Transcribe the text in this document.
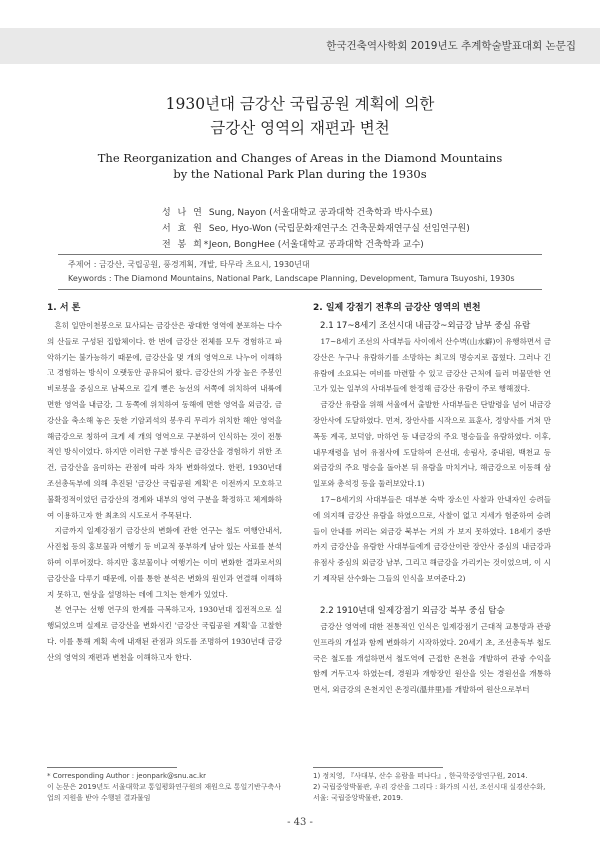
한국건축역사학회 2019년도 추계학술발표대회 논문집
1930년대 금강산 국립공원 계획에 의한
금강산 영역의 재편과 변천
The Reorganization and Changes of Areas in the Diamond Mountains
by the National Park Plan during the 1930s
성 나 연 Sung, Nayon (서울대학교 공과대학 건축학과 박사수료)
서 효 원 Seo, Hyo-Won (국립문화재연구소 건축문화재연구실 선임연구원)
전 봉 희* Jeon, BongHee (서울대학교 공과대학 건축학과 교수)
주제어 : 금강산, 국립공원, 풍경계획, 개발, 타무라 츠요시, 1930년대
Keywords : The Diamond Mountains, National Park, Landscape Planning, Development, Tamura Tsuyoshi, 1930s
1. 서 론

흔히 일만이천봉으로 묘사되는 금강산은 광대한 영역에 분포하는 다수의 산들로 구성된 집합체이다. 한 번에 금강산 전체를 모두 경험하고 파악하기는 불가능하기 때문에, 금강산을 몇 개의 영역으로 나누어 이해하고 경험하는 방식이 오랫동안 공유되어 왔다. 금강산의 가장 높은 주봉인 비로봉을 중심으로 남북으로 길게 뻗은 능선의 서쪽에 위치하여 내륙에 면한 영역을 내금강, 그 동쪽에 위치하여 동해에 면한 영역을 외금강, 금강산을 축소해 놓은 듯한 기암괴석의 봉우리 무리가 위치한 해안 영역을 해금강으로 칭하여 크게 세 개의 영역으로 구분하여 인식하는 것이 전통적인 방식이었다. 하지만 이러한 구분 방식은 금강산을 경험하기 위한 조건, 금강산을 음미하는 관점에 따라 차차 변화하였다. 한편, 1930년대 조선총독부에 의해 추진된 '금강산 국립공원 계획'은 이전까지 모호하고 불확정적이었던 금강산의 경계와 내부의 영역 구분을 확정하고 체계화하여 이용하고자 한 최초의 시도로서 주목된다.

지금까지 일제강점기 금강산의 변화에 관한 연구는 철도 여행안내서, 사진첩 등의 홍보물과 여행기 등 비교적 풍부하게 남아 있는 사료를 분석하여 이루어졌다. 하지만 홍보물이나 여행기는 이미 변화한 결과로서의 금강산을 다루기 때문에, 이를 통한 분석은 변화의 원인과 연결해 이해하지 못하고, 현상을 설명하는 데에 그치는 한계가 있었다.

본 연구는 선행 연구의 한계를 극복하고자, 1930년대 집전적으로 실행되었으며 실제로 금강산을 변화시킨 '금강산 국립공원 계획'을 고찰한다. 이를 통해 계획 속에 내재된 관점과 의도를 조명하여 1930년대 금강산의 영역의 재편과 변천을 이해하고자 한다.

* Corresponding Author : jeonpark@snu.ac.kr
이 논문은 2019년도 서울대학교 통일평화연구원의 재원으로 통일기반구축사업의 지원을 받아 수행된 결과물임
2. 일제 강점기 전후의 금강산 영역의 변천
2.1 17~8세기 조선시대 내금강~외금강 남부 중심 유람

17~8세기 조선의 사대부들 사이에서 산수벽(山水癖)이 유행하면서 금강산은 누구나 유람하기를 소망하는 최고의 명승지로 꼽혔다. 그러나 긴 유람에 소요되는 여비를 마련할 수 있고 금강산 근처에 들러 머물만한 연고가 있는 일부의 사대부들에 한정해 금강산 유람이 주로 행해졌다.

금강산 유람을 위해 서울에서 출발한 사대부들은 단발령을 넘어 내금강 장안사에 도달하였다. 먼저, 장안사를 시작으로 표훈사, 정양사를 거쳐 만폭동 계곡, 보덕암, 마하연 등 내금강의 주요 명승들을 유람하였다. 이후, 내무재령을 넘어 유점사에 도달하여 은선대, 송림사, 중내원, 백천교 등 외금강의 주요 명승을 돌아본 뒤 유람을 마치거나, 해금강으로 이동해 삼일포와 총석정 등을 둘러보았다.1)

17~8세기의 사대부들은 대부분 숙박 장소인 사찰과 안내자인 승려들에 의지해 금강산 유람을 하였으므로, 사찰이 없고 지세가 험준하여 승려들이 안내를 꺼리는 외금강 북부는 거의 가 보지 못하였다. 18세기 중반까지 금강산을 유람한 사대부들에게 금강산이란 장안사 중심의 내금강과 유점사 중심의 외금강 남부, 그리고 해금강을 가리키는 것이었으며, 이 시기 제작된 산수화는 그들의 인식을 보여준다.2)

2.2 1910년대 일제강점기 외금강 북부 중심 탐승

금강산 영역에 대한 전통적인 인식은 일제강점기 근대적 교통망과 관광인프라의 개설과 함께 변화하기 시작하였다. 20세기 초, 조선총독부 철도국은 철도를 개설하면서 철도역에 근접한 온천을 개발하여 관광 수익을 함께 거두고자 하였는데, 경원과 개항장인 원산을 잇는 경원선을 개통하면서, 외금강의 온천지인 온정리(溫井里)를 개발하여 원산으로부터

1) 정치영, 『사대부, 산수 유람을 떠나다』, 한국학중앙연구원, 2014.
2) 국립중앙박물관, 우리 강산을 그리다 : 화가의 시선, 조선시대 실경산수화, 서울: 국립중앙박물관, 2019.
- 43 -
